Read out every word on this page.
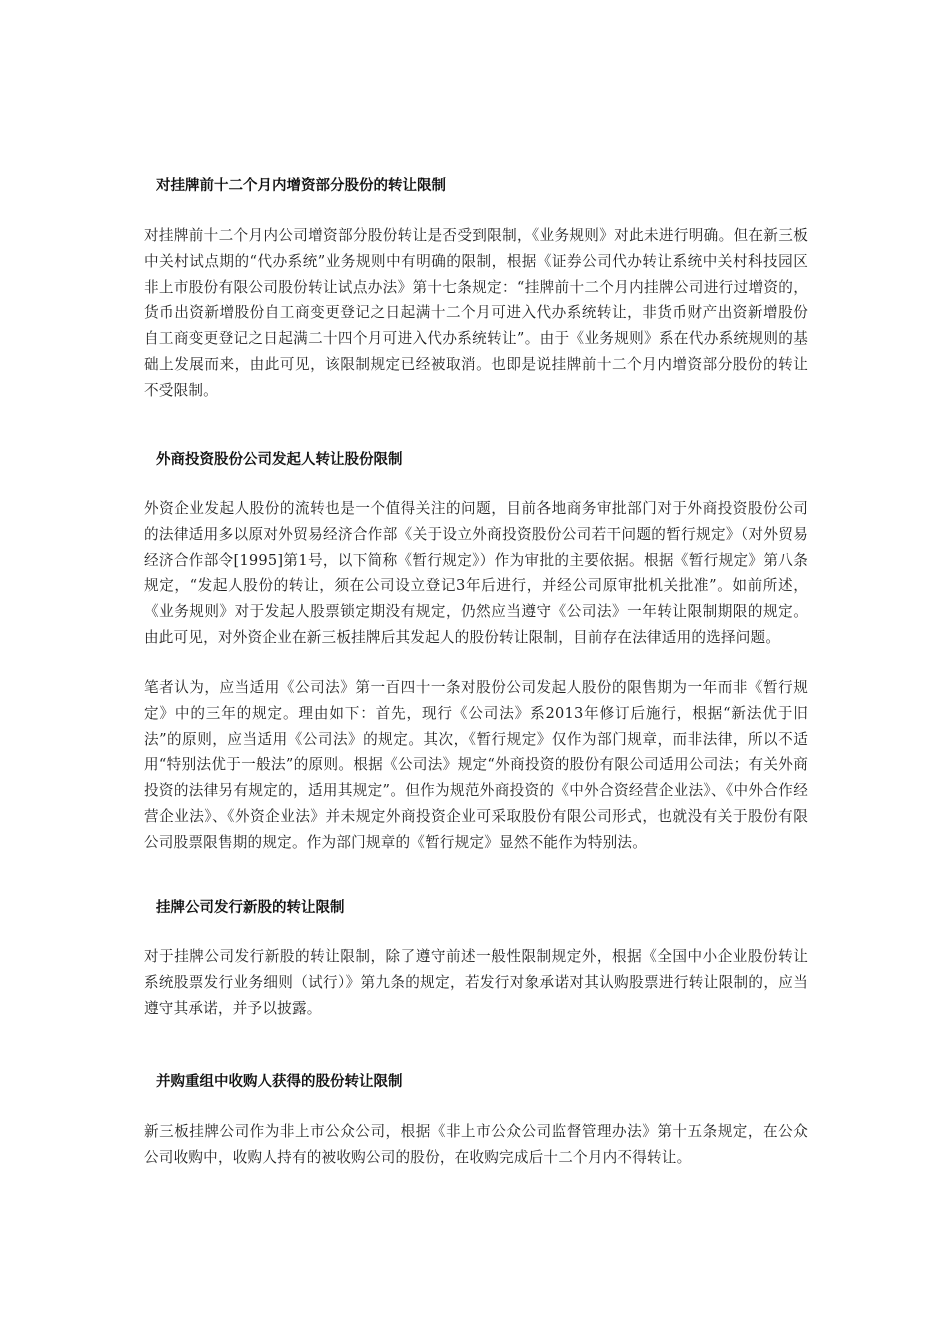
对挂牌前十二个月内增资部分股份的转让限制

对挂牌前十二个月内公司增资部分股份转让是否受到限制，《业务规则》对此未进行明确。但在新三板中关村试点期的“代办系统”业务规则中有明确的限制，根据《证券公司代办转让系统中关村科技园区非上市股份有限公司股份转让试点办法》第十七条规定：“挂牌前十二个月内挂牌公司进行过增资的，货币出资新增股份自工商变更登记之日起满十二个月可进入代办系统转让，非货币财产出资新增股份自工商变更登记之日起满二十四个月可进入代办系统转让”。由于《业务规则》系在代办系统规则的基础上发展而来，由此可见，该限制规定已经被取消。也即是说挂牌前十二个月内增资部分股份的转让不受限制。

外商投资股份公司发起人转让股份限制

外资企业发起人股份的流转也是一个值得关注的问题，目前各地商务审批部门对于外商投资股份公司的法律适用多以原对外贸易经济合作部《关于设立外商投资股份公司若干问题的暂行规定》（对外贸易经济合作部令[1995]第1号，以下简称《暂行规定》）作为审批的主要依据。根据《暂行规定》第八条规定，“发起人股份的转让，须在公司设立登记3年后进行，并经公司原审批机关批准”。如前所述，《业务规则》对于发起人股票锁定期没有规定，仍然应当遵守《公司法》一年转让限制期限的规定。由此可见，对外资企业在新三板挂牌后其发起人的股份转让限制，目前存在法律适用的选择问题。

笔者认为，应当适用《公司法》第一百四十一条对股份公司发起人股份的限售期为一年而非《暂行规定》中的三年的规定。理由如下：首先，现行《公司法》系2013年修订后施行，根据“新法优于旧法”的原则，应当适用《公司法》的规定。其次，《暂行规定》仅作为部门规章，而非法律，所以不适用“特别法优于一般法”的原则。根据《公司法》规定“外商投资的股份有限公司适用公司法；有关外商投资的法律另有规定的，适用其规定”。但作为规范外商投资的《中外合资经营企业法》、《中外合作经营企业法》、《外资企业法》并未规定外商投资企业可采取股份有限公司形式，也就没有关于股份有限公司股票限售期的规定。作为部门规章的《暂行规定》显然不能作为特别法。

挂牌公司发行新股的转让限制

对于挂牌公司发行新股的转让限制，除了遵守前述一般性限制规定外，根据《全国中小企业股份转让系统股票发行业务细则（试行）》第九条的规定，若发行对象承诺对其认购股票进行转让限制的，应当遵守其承诺，并予以披露。

并购重组中收购人获得的股份转让限制

新三板挂牌公司作为非上市公众公司，根据《非上市公众公司监督管理办法》第十五条规定，在公众公司收购中，收购人持有的被收购公司的股份，在收购完成后十二个月内不得转让。
